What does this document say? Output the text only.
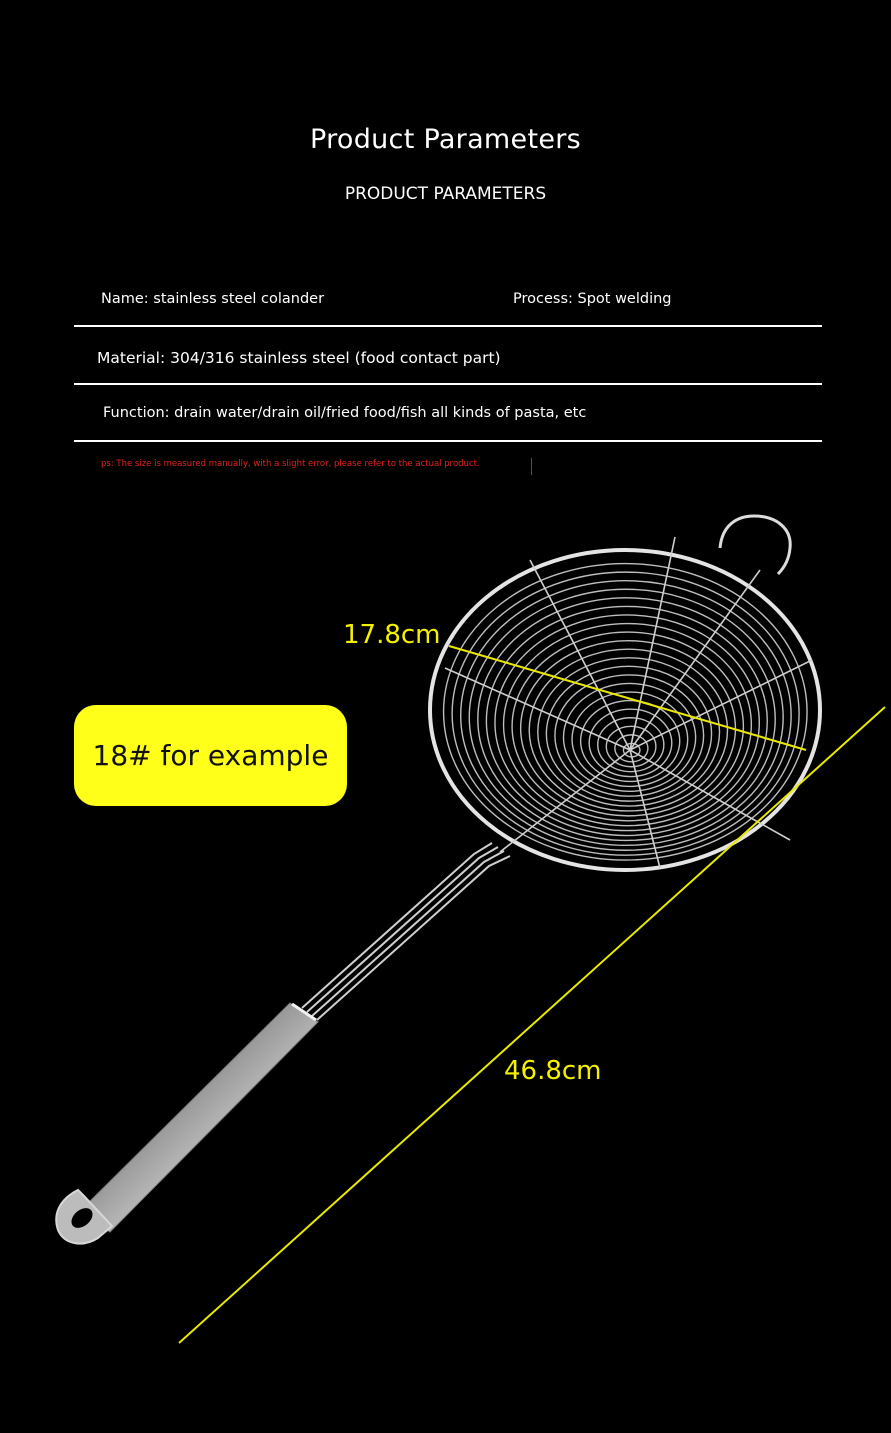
Product Parameters
PRODUCT PARAMETERS
Name: stainless steel colander	Process: Spot welding
Material: 304/316 stainless steel (food contact part)
Function: drain water/drain oil/fried food/fish all kinds of pasta, etc
ps: The size is measured manually, with a slight error, please refer to the actual product.
17.8cm
46.8cm
18# for example
